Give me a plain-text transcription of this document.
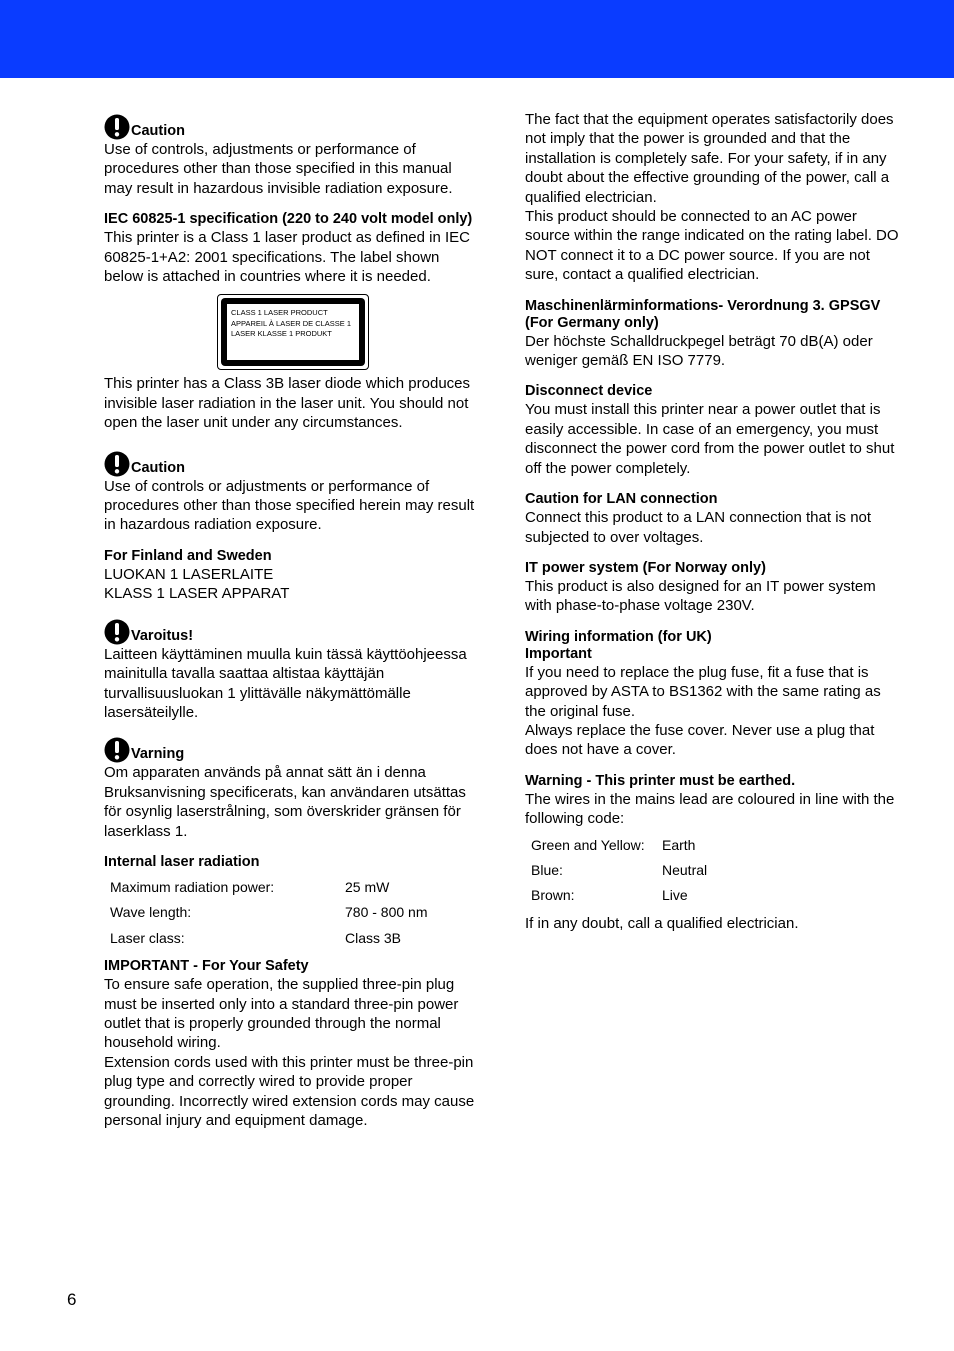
Caution

Use of controls, adjustments or performance of procedures other than those specified in this manual may result in hazardous invisible radiation exposure.

IEC 60825-1 specification (220 to 240 volt model only)

This printer is a Class 1 laser product as defined in IEC 60825-1+A2: 2001 specifications. The label shown below is attached in countries where it is needed.

CLASS 1 LASER PRODUCT
APPAREIL À LASER DE CLASSE 1
LASER KLASSE 1 PRODUKT

This printer has a Class 3B laser diode which produces invisible laser radiation in the laser unit. You should not open the laser unit under any circumstances.

Caution

Use of controls or adjustments or performance of procedures other than those specified herein may result in hazardous radiation exposure.

For Finland and Sweden

LUOKAN 1 LASERLAITE

KLASS 1 LASER APPARAT

Varoitus!

Laitteen käyttäminen muulla kuin tässä käyttöohjeessa mainitulla tavalla saattaa altistaa käyttäjän turvallisuusluokan 1 ylittävälle näkymättömälle lasersäteilylle.

Varning

Om apparaten används på annat sätt än i denna Bruksanvisning specificerats, kan användaren utsättas för osynlig laserstrålning, som överskrider gränsen för laserklass 1.

Internal laser radiation
Maximum radiation power:	25 mW
Wave length:	780 - 800 nm
Laser class:	Class 3B
IMPORTANT - For Your Safety

To ensure safe operation, the supplied three-pin plug must be inserted only into a standard three-pin power outlet that is properly grounded through the normal household wiring.

Extension cords used with this printer must be three-pin plug type and correctly wired to provide proper grounding. Incorrectly wired extension cords may cause personal injury and equipment damage.

The fact that the equipment operates satisfactorily does not imply that the power is grounded and that the installation is completely safe. For your safety, if in any doubt about the effective grounding of the power, call a qualified electrician.

This product should be connected to an AC power source within the range indicated on the rating label. DO NOT connect it to a DC power source. If you are not sure, contact a qualified electrician.

Maschinenlärminformations- Verordnung 3. GPSGV (For Germany only)

Der höchste Schalldruckpegel beträgt 70 dB(A) oder weniger gemäß EN ISO 7779.

Disconnect device

You must install this printer near a power outlet that is easily accessible. In case of an emergency, you must disconnect the power cord from the power outlet to shut off the power completely.

Caution for LAN connection

Connect this product to a LAN connection that is not subjected to over voltages.

IT power system (For Norway only)

This product is also designed for an IT power system with phase-to-phase voltage 230V.

Wiring information (for UK)
Important

If you need to replace the plug fuse, fit a fuse that is approved by ASTA to BS1362 with the same rating as the original fuse.

Always replace the fuse cover. Never use a plug that does not have a cover.

Warning - This printer must be earthed.

The wires in the mains lead are coloured in line with the following code:

Green and Yellow:	Earth
Blue:	Neutral
Brown:	Live

If in any doubt, call a qualified electrician.

6
